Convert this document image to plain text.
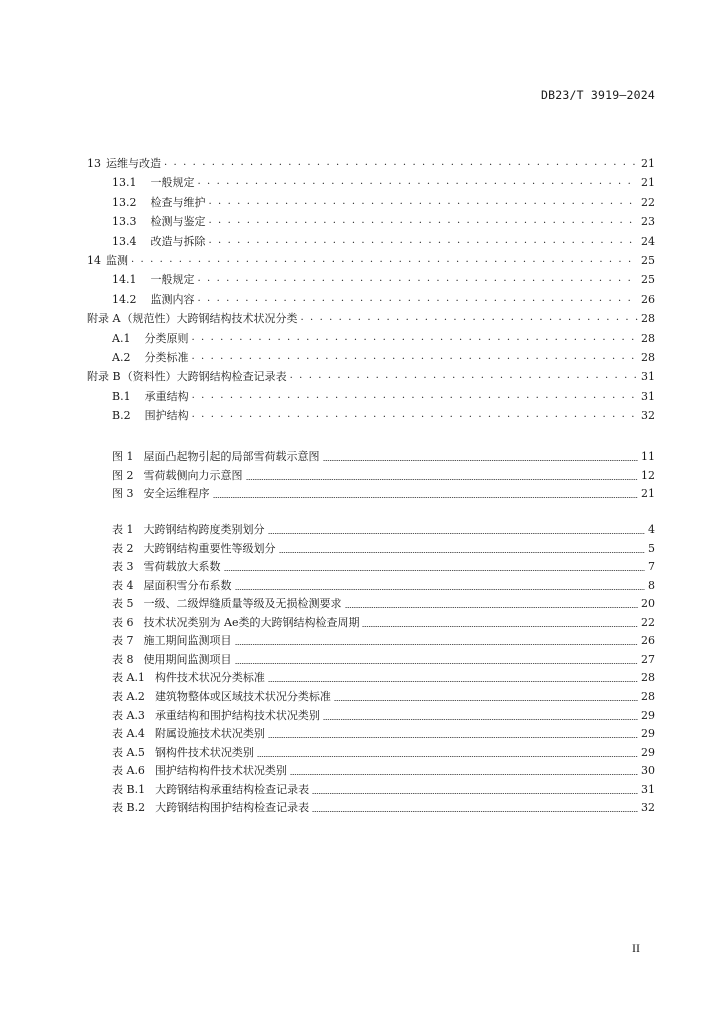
DB23/T 3919—2024
13 运维与改造 . . .	21
13.1 一般规定 . . .	21
13.2 检查与维护 . . .	22
13.3 检测与鉴定 . . .	23
13.4 改造与拆除 . . .	24
14 监测 . . .	25
14.1 一般规定 . . .	25
14.2 监测内容 . . .	26
附录 A （规范性）大跨钢结构技术状况分类 . . .	28
A.1 分类原则 . . .	28
A.2 分类标准 . . .	28
附录 B （资料性）大跨钢结构检查记录表 . . .	31
B.1 承重结构 . . .	31
B.2 围护结构 . . .	32
图 1 屋面凸起物引起的局部雪荷载示意图	11
图 2 雪荷载侧向力示意图	12
图 3 安全运维程序	21
表 1 大跨钢结构跨度类别划分	4
表 2 大跨钢结构重要性等级划分	5
表 3 雪荷载放大系数	7
表 4 屋面积雪分布系数	8
表 5 一级、二级焊缝质量等级及无损检测要求	20
表 6 技术状况类别为 Ae类的大跨钢结构检查周期	22
表 7 施工期间监测项目	26
表 8 使用期间监测项目	27
表 A.1 构件技术状况分类标准	28
表 A.2 建筑物整体或区域技术状况分类标准	28
表 A.3 承重结构和围护结构技术状况类别	29
表 A.4 附属设施技术状况类别	29
表 A.5 钢构件技术状况类别	29
表 A.6 围护结构构件技术状况类别	30
表 B.1 大跨钢结构承重结构检查记录表	31
表 B.2 大跨钢结构围护结构检查记录表	32
II
